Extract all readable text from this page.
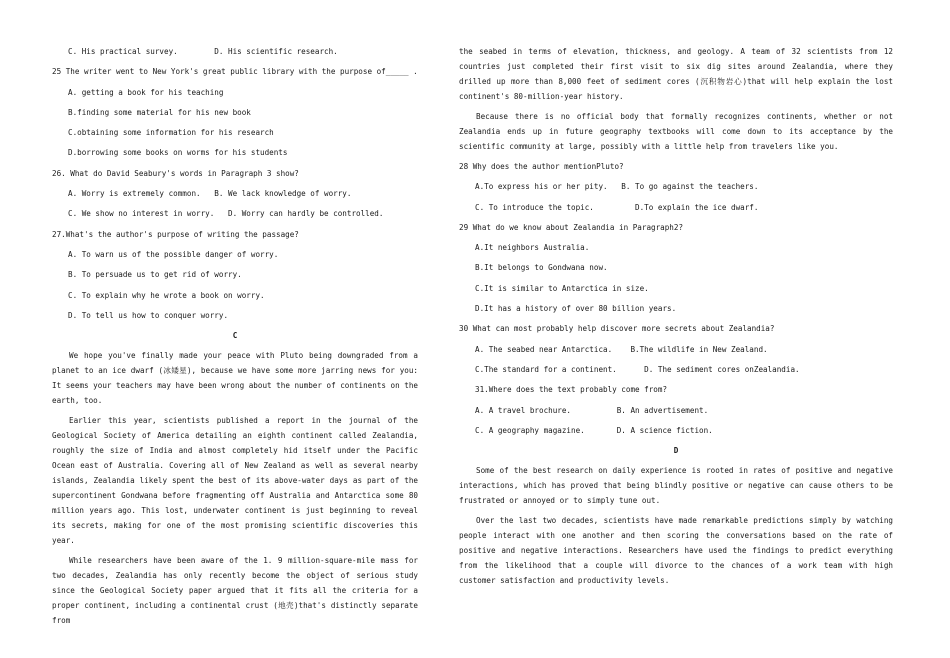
C. His practical survey.        D. His scientific research.
25 The writer went to New York's great public library with the purpose of_____ .
A. getting a book for his teaching
B.finding some material for his new book
C.obtaining some information for his research
D.borrowing some books on worms for his students
26. What do David Seabury's words in Paragraph 3 show?
A. Worry is extremely common.   B. We lack knowledge of worry.
C. We show no interest in worry.   D. Worry can hardly be controlled.
27.What's the author's purpose of writing the passage?
A. To warn us of the possible danger of worry.
B. To persuade us to get rid of worry.
C. To explain why he wrote a book on worry.
D. To tell us how to conquer worry.
C
We hope you've finally made your peace with Pluto being downgraded from a planet to an ice dwarf (冰矮星), because we have some more jarring news for you: It seems your teachers may have been wrong about the number of continents on the earth, too.
Earlier this year, scientists published a report in the journal of the Geological Society of America detailing an eighth continent called Zealandia, roughly the size of India and almost completely hid itself under the Pacific Ocean east of Australia. Covering all of New Zealand as well as several nearby islands, Zealandia likely spent the best of its above-water days as part of the supercontinent Gondwana before fragmenting off Australia and Antarctica some 80 million years ago. This lost, underwater continent is just beginning to reveal its secrets, making for one of the most promising scientific discoveries this year.
While researchers have been aware of the 1. 9 million-square-mile mass for two decades, Zealandia has only recently become the object of serious study since the Geological Society paper argued that it fits all the criteria for a proper continent, including a continental crust (地壳)that's distinctly separate from
the seabed in terms of elevation, thickness, and geology. A team of 32 scientists from 12 countries just completed their first visit to six dig sites around Zealandia, where they drilled up more than 8,000 feet of sediment cores (沉积物岩心)that will help explain the lost continent's 80-million-year history.
Because there is no official body that formally recognizes continents, whether or not Zealandia ends up in future geography textbooks will come down to its acceptance by the scientific community at large, possibly with a little help from travelers like you.
28 Why does the author mentionPluto?
A.To express his or her pity.   B. To go against the teachers.
C. To introduce the topic.         D.To explain the ice dwarf.
29 What do we know about Zealandia in Paragraph2?
A.It neighbors Australia.
B.It belongs to Gondwana now.
C.It is similar to Antarctica in size.
D.It has a history of over 80 billion years.
30 What can most probably help discover more secrets about Zealandia?
A. The seabed near Antarctica.    B.The wildlife in New Zealand.
C.The standard for a continent.      D. The sediment cores onZealandia.
31.Where does the text probably come from?
A. A travel brochure.          B. An advertisement.
C. A geography magazine.       D. A science fiction.
D
Some of the best research on daily experience is rooted in rates of positive and negative interactions, which has proved that being blindly positive or negative can cause others to be frustrated or annoyed or to simply tune out.
Over the last two decades, scientists have made remarkable predictions simply by watching people interact with one another and then scoring the conversations based on the rate of positive and negative interactions. Researchers have used the findings to predict everything from the likelihood that a couple will divorce to the chances of a work team with high customer satisfaction and productivity levels.
